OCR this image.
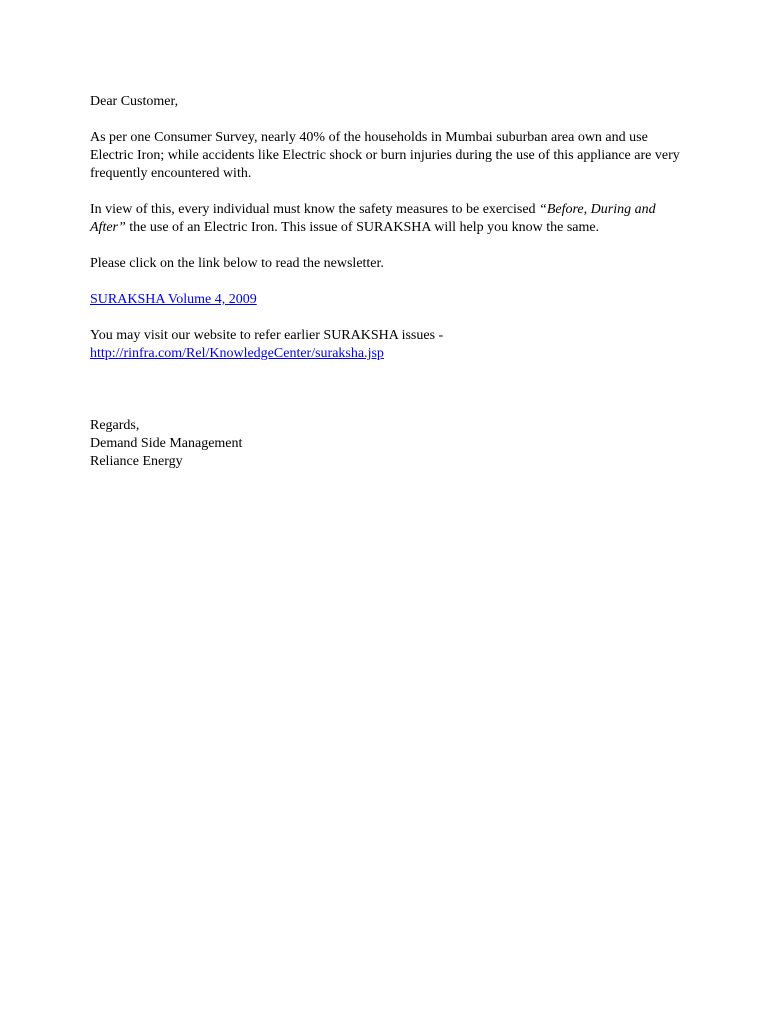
Dear Customer,

As per one Consumer Survey, nearly 40% of the households in Mumbai suburban area own and use Electric Iron; while accidents like Electric shock or burn injuries during the use of this appliance are very frequently encountered with.

In view of this, every individual must know the safety measures to be exercised “Before, During and After” the use of an Electric Iron. This issue of SURAKSHA will help you know the same.

Please click on the link below to read the newsletter.

SURAKSHA Volume 4, 2009

You may visit our website to refer earlier SURAKSHA issues -

http://rinfra.com/Rel/KnowledgeCenter/suraksha.jsp

Regards,

Demand Side Management

Reliance Energy
